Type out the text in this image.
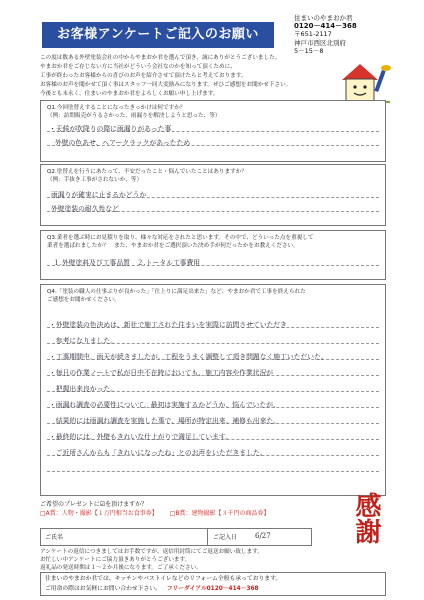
お客様アンケートご記入のお願い
住まいのやまおか君
0120－414－368
〒651-2117
神戸市西区北別府
5－15－8
この度は数ある外壁塗装会社の中からやまおか君を選んで頂き、誠にありがとうございました。
やまおか君をご存じない方に当社がどういう会社なのかを知って頂くために、
工事が終わったお客様からの喜びのお声を紹介させて頂けたらと考えております。
お客様のお声を聞かせて頂く事はスタッフ一同大変励みになります。ぜひご感想をお聞かせ下さい。
今後とも末永く、住まいのやまおか君をよろしくお願い申し上げます。
Q1.今回塗替えすることになったきっかけは何ですか？
（例：訪問販売がうるさかった、雨漏りを解決しようと思った、等）
・天候が吹降りの際に雨漏りがあった事
外壁の色あせ、ヘアークラックがあったため
Q2.塗替えを行うにあたって、不安だったこと・悩んでいたことはありますか？
（例：手抜き工事がされないか、等）
雨漏りが確実に止まるかどうか
外壁塗装の耐久性など
Q3.業者を選ぶ時にお見積りを取り、様々な対応をされたと思います。その中で、どういった点を重視して
業者を選ばれましたか？　また、やまおか君をご選択頂いた決め手が何だったかをお教えください。
１.外壁塗料及び工事品質　２.トータル工事費用
Q4.「塗装の職人の仕事ぶりが良かった」「仕上りに満足出来た」など、やまおか君で工事を終えられた
ご感想をお聞かせください。
・外壁塗装の色決めは、新社で施工された住まいを実際に訪問させていただき
　参考になりました。
・工事期間中、雨天が続きましたが、工程をうまく調整して頂き問題なく施工いただいた。
・毎日の作業ノートで私が日中不在時においても、施工内容や作業状況が
　把握出来良かった。
・雨漏れ調査の必要性について、最初は実施するかどうか、悩んでいたが、
　結果的には雨漏れ調査を実施した事で、場所が特定出来、補修も出来た。
・最終的には、外壁もきれいな仕上がりで満足しています。
　ご近所さんからも「きれいになったね」とのお声をいただきました。
ご希望のプレゼントに☑を頂けますか？
□A賞：人物・撮影【１万円相当お食事券】 □B賞：建物撮影【３千円の商品券】
ご氏名	ご記入日	6/27
アンケートの返信につきましてはお手数ですが、返信用封筒にてご返送お願い致します。
お忙しい中アンケートにご協力頂きありがとうございます。
返礼品の発送時期は１～２か月後になります。ご了承ください。
感謝
住まいのやまおか君では、キッチンやバストイレなどのリフォーム全般も承っております。
ご用命の際はお気軽にお問い合わせ下さい。 フリーダイアル0120－414－368
